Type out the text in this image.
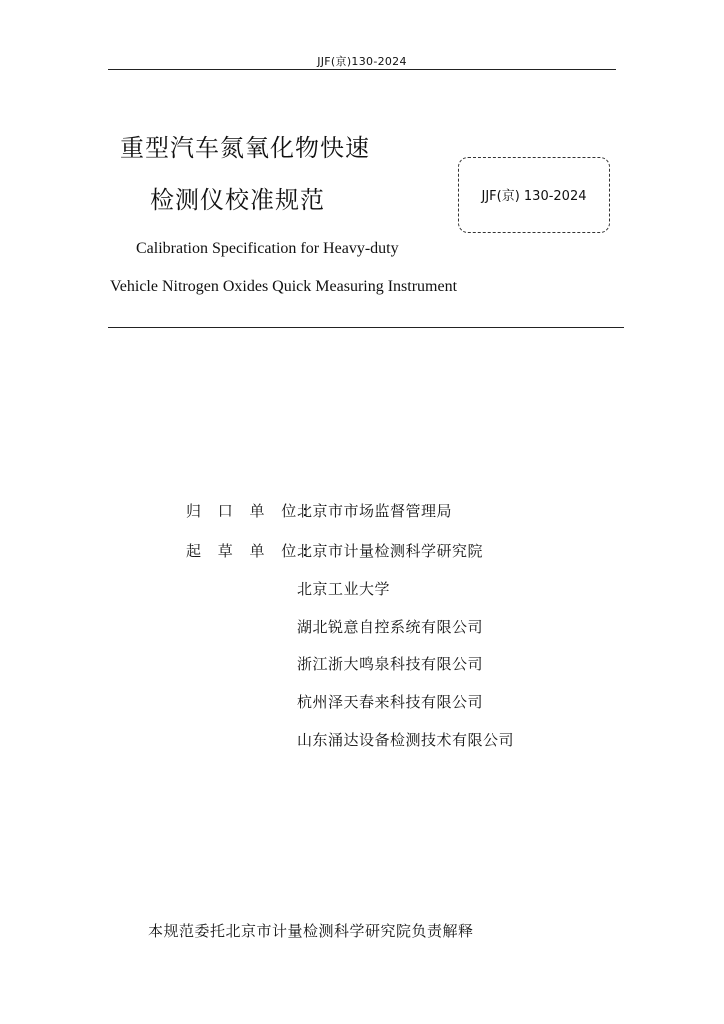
JJF(京)130-2024
重型汽车氮氧化物快速
检测仪校准规范	JJF(京) 130-2024
Calibration Specification for Heavy-duty
Vehicle Nitrogen Oxides Quick Measuring Instrument
归 口 单 位:
北京市市场监督管理局
起 草 单 位:
北京市计量检测科学研究院
北京工业大学
湖北锐意自控系统有限公司
浙江浙大鸣泉科技有限公司
杭州泽天春来科技有限公司
山东涌达设备检测技术有限公司
本规范委托北京市计量检测科学研究院负责解释
